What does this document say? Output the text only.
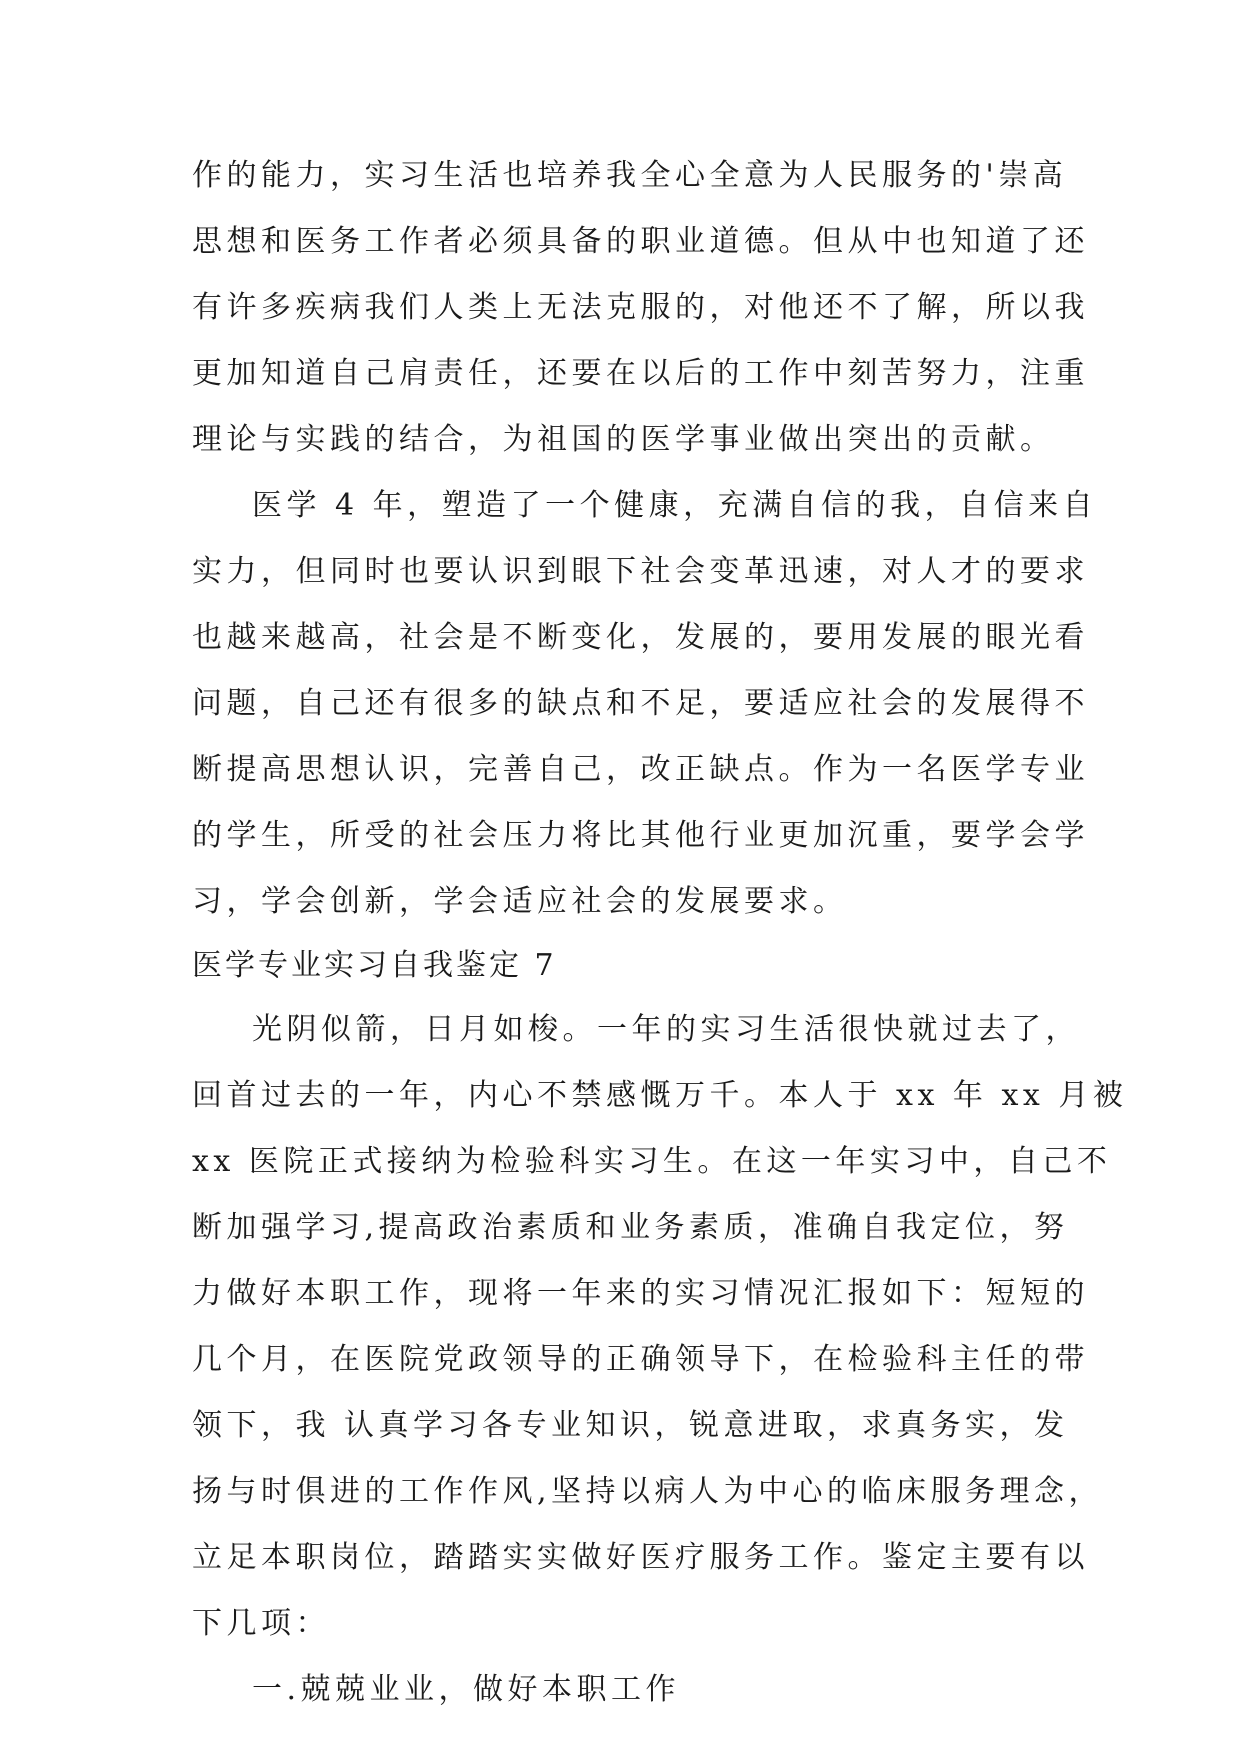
作的能力，实习生活也培养我全心全意为人民服务的'崇高
思想和医务工作者必须具备的职业道德。但从中也知道了还
有许多疾病我们人类上无法克服的，对他还不了解，所以我
更加知道自己肩责任，还要在以后的工作中刻苦努力，注重
理论与实践的结合，为祖国的医学事业做出突出的贡献。
医学 4 年，塑造了一个健康，充满自信的我，自信来自
实力，但同时也要认识到眼下社会变革迅速，对人才的要求
也越来越高，社会是不断变化，发展的，要用发展的眼光看
问题，自己还有很多的缺点和不足，要适应社会的发展得不
断提高思想认识，完善自己，改正缺点。作为一名医学专业
的学生，所受的社会压力将比其他行业更加沉重，要学会学
习，学会创新，学会适应社会的发展要求。
医学专业实习自我鉴定 7
光阴似箭，日月如梭。一年的实习生活很快就过去了，
回首过去的一年，内心不禁感慨万千。本人于 xx 年 xx 月被
xx 医院正式接纳为检验科实习生。在这一年实习中，自己不
断加强学习,提高政治素质和业务素质，准确自我定位，努
力做好本职工作，现将一年来的实习情况汇报如下：短短的
几个月，在医院党政领导的正确领导下，在检验科主任的带
领下，我 认真学习各专业知识，锐意进取，求真务实，发
扬与时俱进的工作作风,坚持以病人为中心的临床服务理念，
立足本职岗位，踏踏实实做好医疗服务工作。鉴定主要有以
下几项：
一.兢兢业业，做好本职工作
